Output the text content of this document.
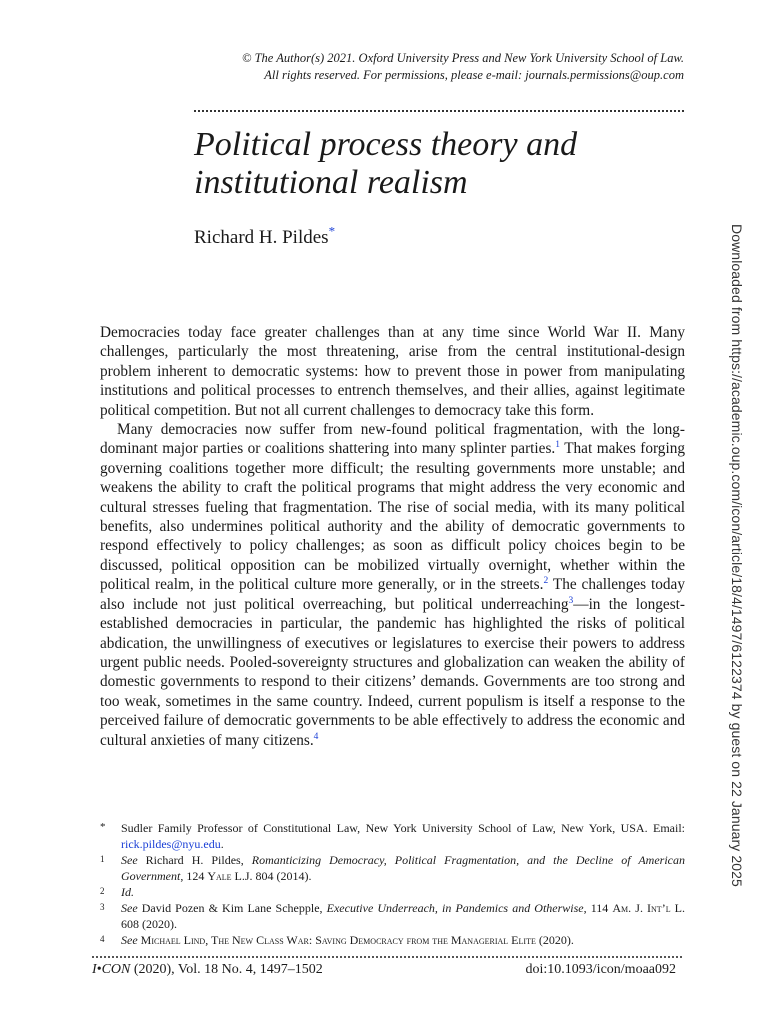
© The Author(s) 2021. Oxford University Press and New York University School of Law.
All rights reserved. For permissions, please e-mail: journals.permissions@oup.com
Political process theory and
institutional realism
Richard H. Pildes*	Downloaded from https://academic.oup.com/icon/article/18/4/1497/6122374 by guest on 22 January 2025

Democracies today face greater challenges than at any time since World War II. Many challenges, particularly the most threatening, arise from the central institutional-design problem inherent to democratic systems: how to prevent those in power from manipulating institutions and political processes to entrench themselves, and their allies, against legitimate political competition. But not all current challenges to democracy take this form.

Many democracies now suffer from new-found political fragmentation, with the long-dominant major parties or coalitions shattering into many splinter parties.$^1$ That makes forging governing coalitions together more difficult; the resulting governments more unstable; and weakens the ability to craft the political programs that might address the very economic and cultural stresses fueling that fragmentation. The rise of social media, with its many political benefits, also undermines political authority and the ability of democratic governments to respond effectively to policy challenges; as soon as difficult policy choices begin to be discussed, political opposition can be mobilized virtually overnight, whether within the political realm, in the political culture more generally, or in the streets.$^2$ The challenges today also include not just political overreaching, but political underreaching$^3$—in the longest-established democracies in particular, the pandemic has highlighted the risks of political abdication, the unwillingness of executives or legislatures to exercise their powers to address urgent public needs. Pooled-sovereignty structures and globalization can weaken the ability of domestic governments to respond to their citizens’ demands. Governments are too strong and too weak, sometimes in the same country. Indeed, current populism is itself a response to the perceived failure of democratic governments to be able effectively to address the economic and cultural anxieties of many citizens.$^4$

* Sudler Family Professor of Constitutional Law, New York University School of Law, New York, USA. Email: rick.pildes@nyu.edu.
1 See Richard H. Pildes, Romanticizing Democracy, Political Fragmentation, and the Decline of American Government, 124 Yale L.J. 804 (2014).
2 Id.
3 See David Pozen & Kim Lane Schepple, Executive Underreach, in Pandemics and Otherwise, 114 Am. J. Int’l L. 608 (2020).
4 See Michael Lind, The New Class War: Saving Democracy from the Managerial Elite (2020).
I•CON (2020), Vol. 18 No. 4, 1497–1502	doi:10.1093/icon/moaa092
